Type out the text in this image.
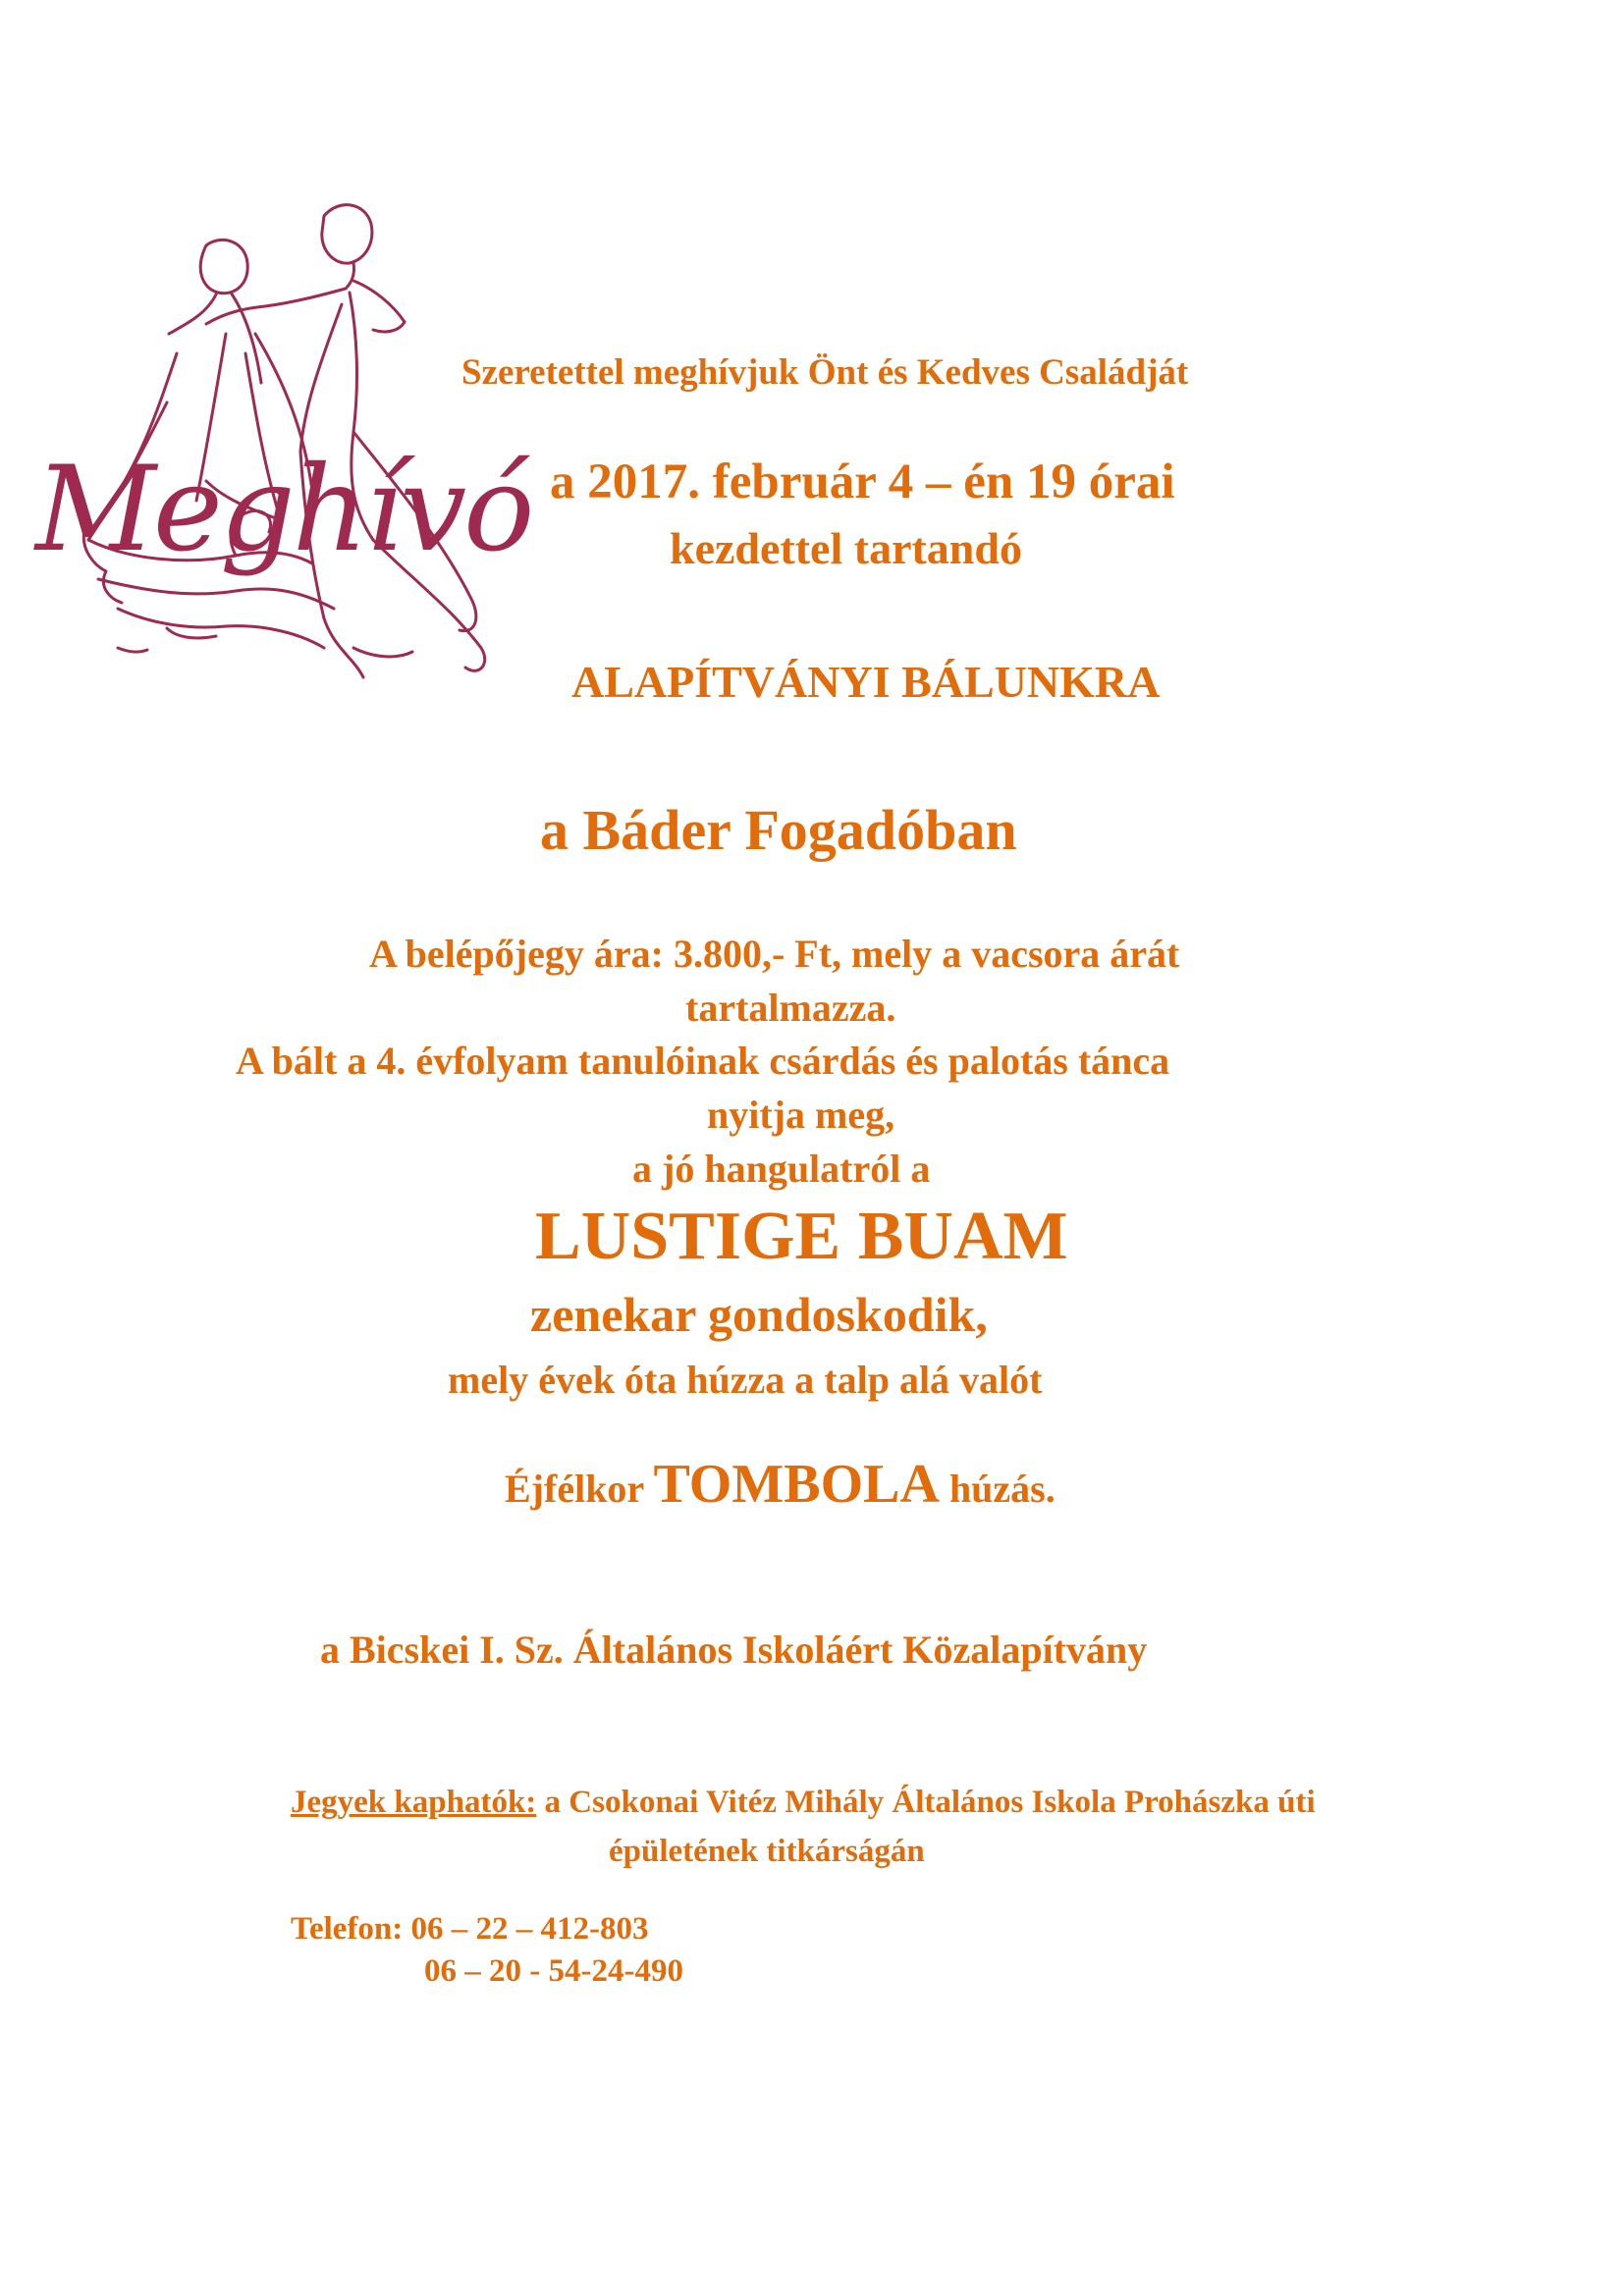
Meghívó
Szeretettel meghívjuk Önt és Kedves Családját
a 2017. február 4 – én 19 órai
kezdettel tartandó
ALAPÍTVÁNYI BÁLUNKRA
a Báder Fogadóban
A belépőjegy ára: 3.800,- Ft, mely a vacsora árát
tartalmazza.
A bált a 4. évfolyam tanulóinak csárdás és palotás tánca
nyitja meg,
a jó hangulatról a
LUSTIGE BUAM
zenekar gondoskodik,
mely évek óta húzza a talp alá valót
Éjfélkor TOMBOLA húzás.
a Bicskei I. Sz. Általános Iskoláért Közalapítvány
Jegyek kaphatók: a Csokonai Vitéz Mihály Általános Iskola Prohászka úti
épületének titkárságán
Telefon: 06 – 22 – 412-803
06 – 20 - 54-24-490
